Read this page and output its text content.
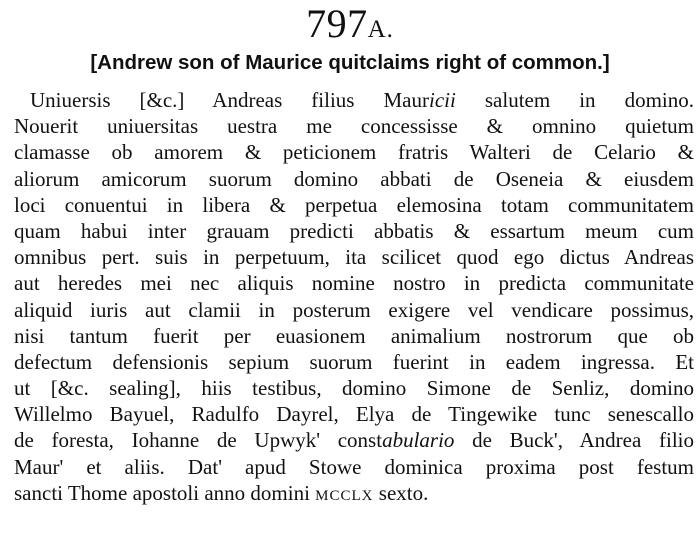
797A.
[Andrew son of Maurice quitclaims right of common.]
Uniuersis [&c.] Andreas filius Mauricii salutem in domino.
Nouerit uniuersitas uestra me concessisse & omnino quietum
clamasse ob amorem & peticionem fratris Walteri de Celario &
aliorum amicorum suorum domino abbati de Oseneia & eiusdem
loci conuentui in libera & perpetua elemosina totam communitatem
quam habui inter grauam predicti abbatis & essartum meum cum
omnibus pert. suis in perpetuum, ita scilicet quod ego dictus Andreas
aut heredes mei nec aliquis nomine nostro in predicta communitate
aliquid iuris aut clamii in posterum exigere vel vendicare possimus,
nisi tantum fuerit per euasionem animalium nostrorum que ob
defectum defensionis sepium suorum fuerint in eadem ingressa. Et
ut [&c. sealing], hiis testibus, domino Simone de Senliz, domino
Willelmo Bayuel, Radulfo Dayrel, Elya de Tingewike tunc senescallo
de foresta, Iohanne de Upwyk' constabulario de Buck', Andrea filio
Maur' et aliis. Dat' apud Stowe dominica proxima post festum
sancti Thome apostoli anno domini MCCLX sexto.
